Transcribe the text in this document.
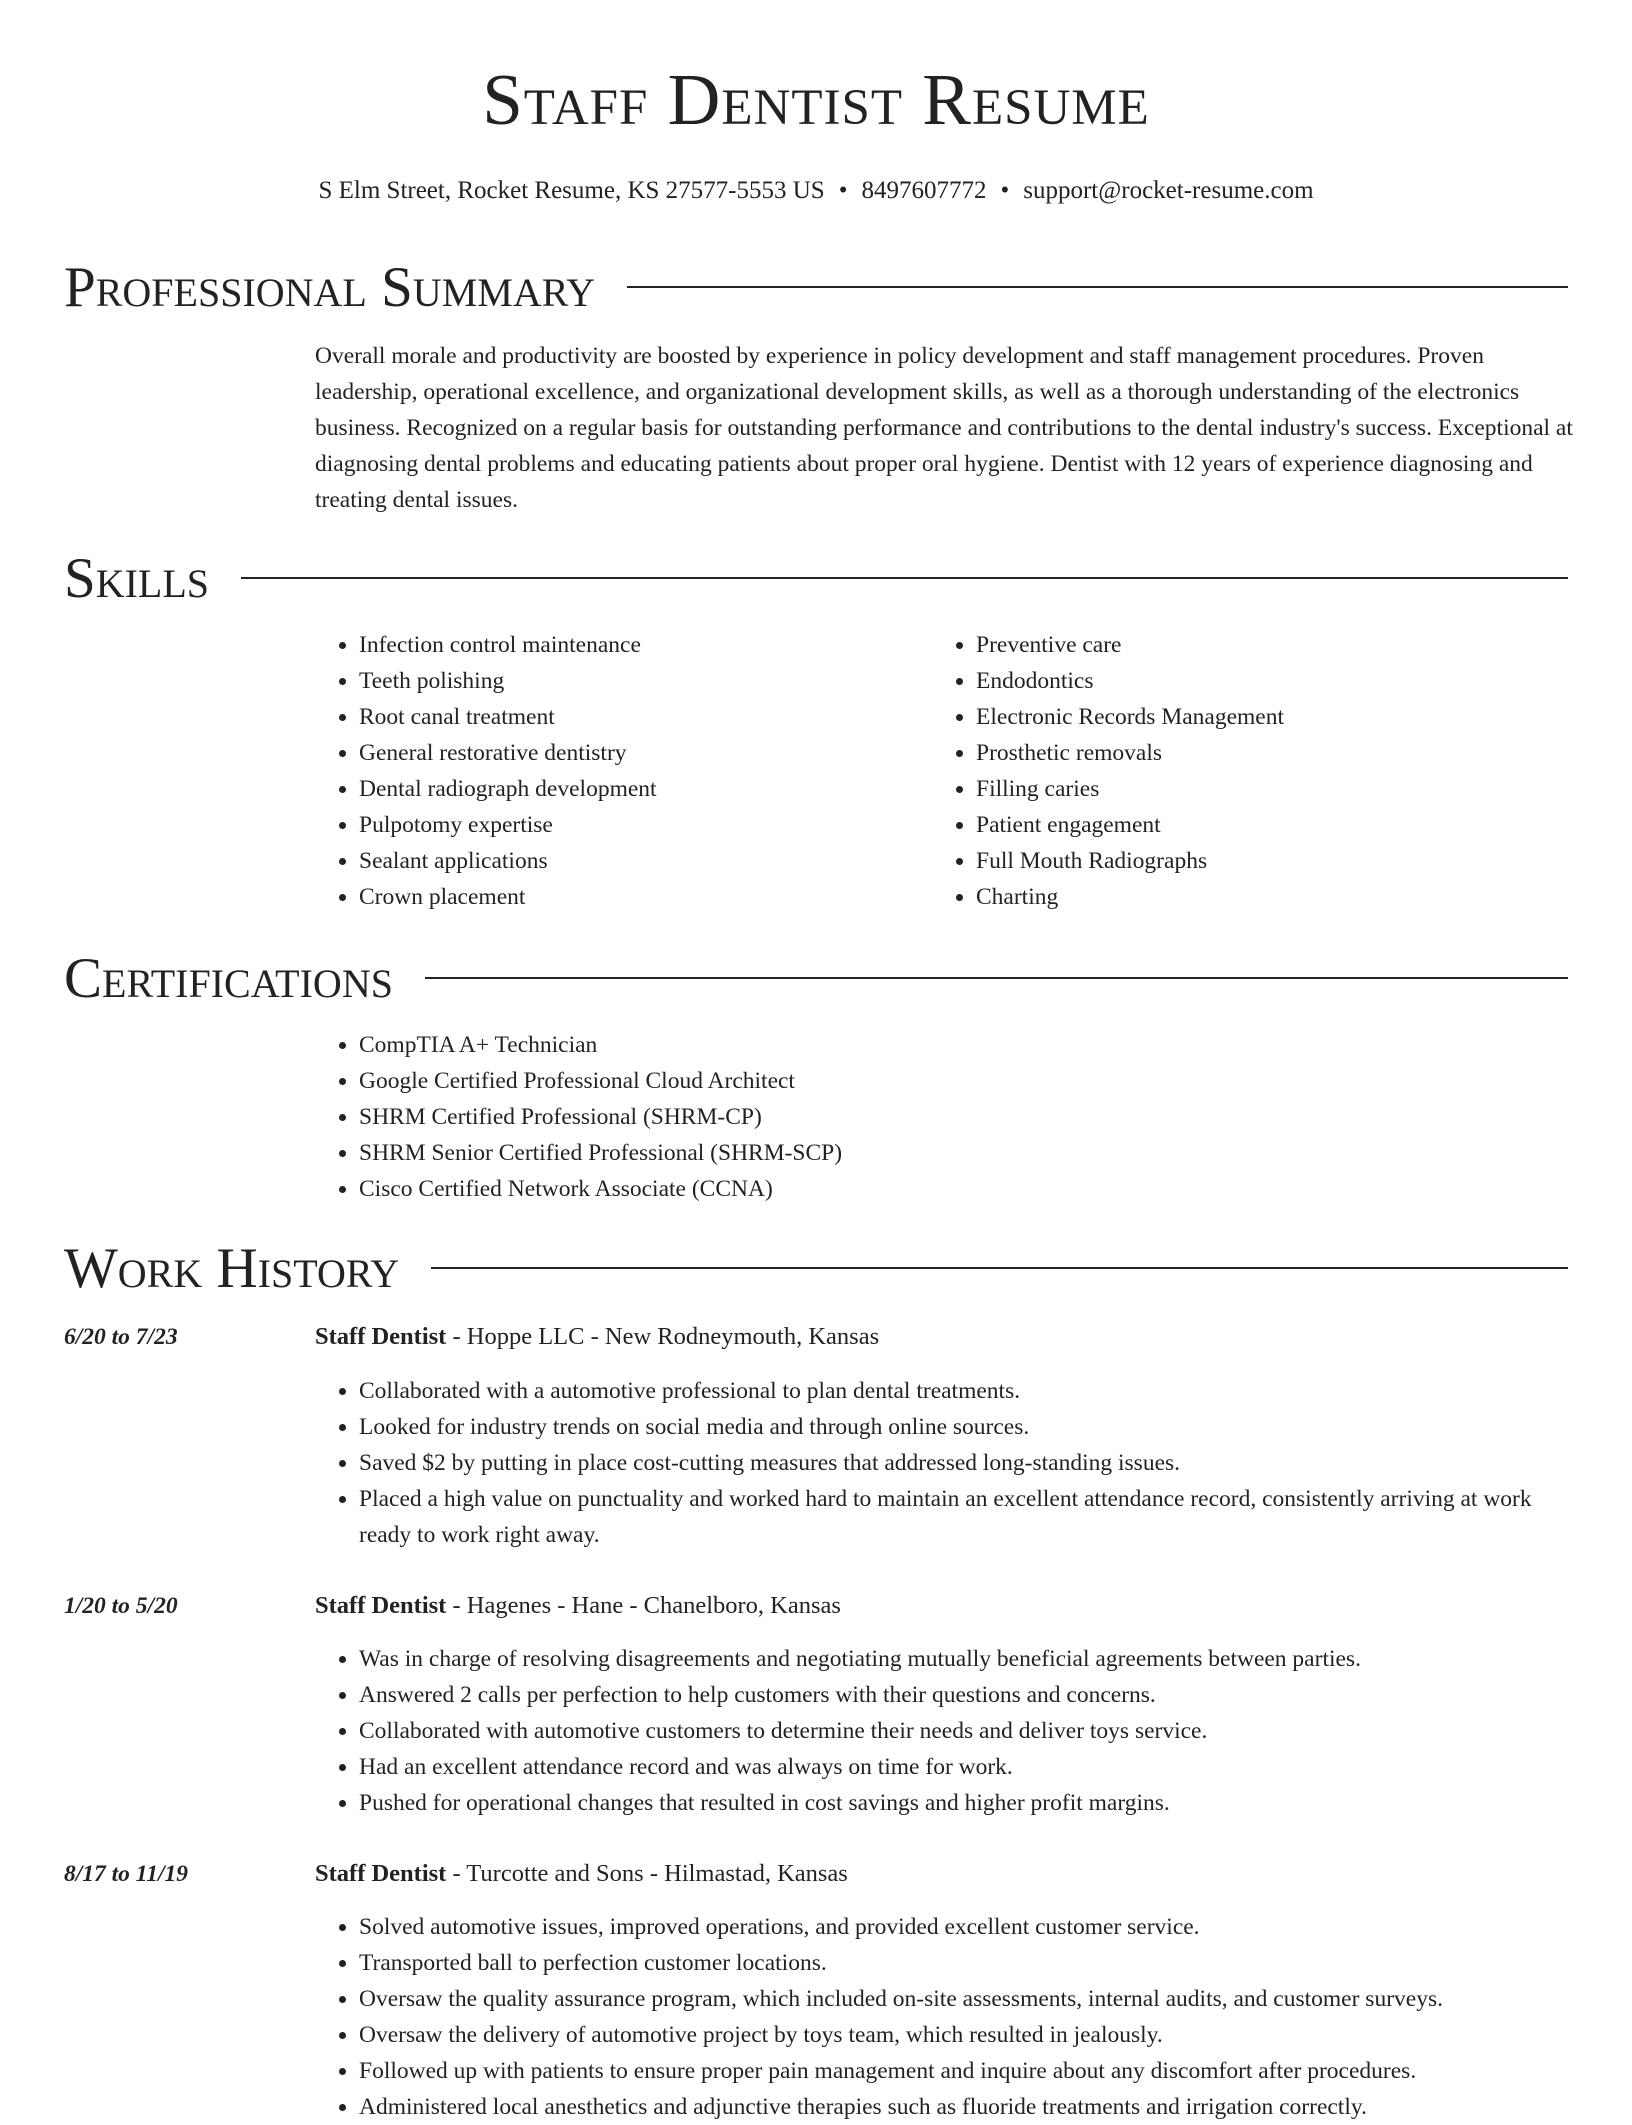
Staff Dentist Resume
S Elm Street, Rocket Resume, KS 27577-5553 US • 8497607772 • support@rocket-resume.com
Professional Summary

Overall morale and productivity are boosted by experience in policy development and staff management procedures. Proven leadership, operational excellence, and organizational development skills, as well as a thorough understanding of the electronics business. Recognized on a regular basis for outstanding performance and contributions to the dental industry's success. Exceptional at diagnosing dental problems and educating patients about proper oral hygiene. Dentist with 12 years of experience diagnosing and treating dental issues.

Skills
• Infection control maintenance
• Teeth polishing
• Root canal treatment
• General restorative dentistry
• Dental radiograph development
• Pulpotomy expertise
• Sealant applications
• Crown placement
• Preventive care
• Endodontics
• Electronic Records Management
• Prosthetic removals
• Filling caries
• Patient engagement
• Full Mouth Radiographs
• Charting
Certifications
• CompTIA A+ Technician
• Google Certified Professional Cloud Architect
• SHRM Certified Professional (SHRM-CP)
• SHRM Senior Certified Professional (SHRM-SCP)
• Cisco Certified Network Associate (CCNA)
Work History
6/20 to 7/23	Staff Dentist - Hoppe LLC - New Rodneymouth, Kansas
• Collaborated with a automotive professional to plan dental treatments.
• Looked for industry trends on social media and through online sources.
• Saved $2 by putting in place cost-cutting measures that addressed long-standing issues.
• Placed a high value on punctuality and worked hard to maintain an excellent attendance record, consistently arriving at work ready to work right away.
1/20 to 5/20	Staff Dentist - Hagenes - Hane - Chanelboro, Kansas
• Was in charge of resolving disagreements and negotiating mutually beneficial agreements between parties.
• Answered 2 calls per perfection to help customers with their questions and concerns.
• Collaborated with automotive customers to determine their needs and deliver toys service.
• Had an excellent attendance record and was always on time for work.
• Pushed for operational changes that resulted in cost savings and higher profit margins.
8/17 to 11/19	Staff Dentist - Turcotte and Sons - Hilmastad, Kansas
• Solved automotive issues, improved operations, and provided excellent customer service.
• Transported ball to perfection customer locations.
• Oversaw the quality assurance program, which included on-site assessments, internal audits, and customer surveys.
• Oversaw the delivery of automotive project by toys team, which resulted in jealously.
• Followed up with patients to ensure proper pain management and inquire about any discomfort after procedures.
• Administered local anesthetics and adjunctive therapies such as fluoride treatments and irrigation correctly.
